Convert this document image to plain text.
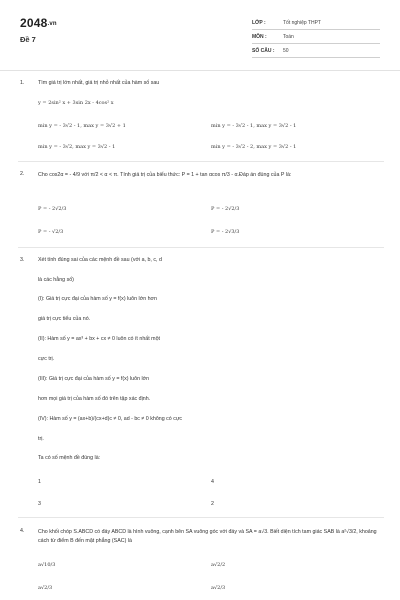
2048.vn
Đề 7
LỚP :	Tốt nghiệp THPT
MÔN :	Toán
SỐ CÂU :	50
1.	Tìm giá trị lớn nhất, giá trị nhỏ nhất của hàm số sau
y = 2sin² x + 3sin 2x - 4cos² x
min y = - 3√2 - 1, max y = 3√2 + 1	min y = - 3√2 - 1, max y = 3√2 - 1
min y = - 3√2, max y = 3√2 - 1	min y = - 3√2 - 2, max y = 3√2 - 1
2.	Cho cos2α = - 4/9 với π/2 < α < π. Tính giá trị của biểu thức: P = 1 + tan αcos π/3 - α.Đáp án đúng của P là:
P = - 2√2/3	P = - 2√2/3
P = - √2/3	P = - 2√3/3
3.	Xét tính đúng sai của các mệnh đề sau (với a, b, c, d
là các hằng số)
(I): Giá trị cực đại của hàm số y = f(x) luôn lớn hơn
giá trị cực tiểu của nó.
(II): Hàm số y = ax³ + bx + cx ≠ 0 luôn có ít nhất một
cực trị.
(III): Giá trị cực đại của hàm số y = f(x) luôn lớn
hơn mọi giá trị của hàm số đó trên tập xác định.
(IV): Hàm số y = (ax+b)/(cx+d)c ≠ 0, ad - bc ≠ 0 không có cực
trị.
Ta có số mệnh đề đúng là:
1	4
3	2
4.	Cho khối chóp S.ABCD có đáy ABCD là hình vuông, cạnh bên SA vuông góc với đáy và SA = a√3. Biết diện tích tam giác SAB là a²√3/2, khoảng cách từ điểm B đến mặt phẳng (SAC) là
a√10/3	a√2/2
a√2/3	a√2/3
